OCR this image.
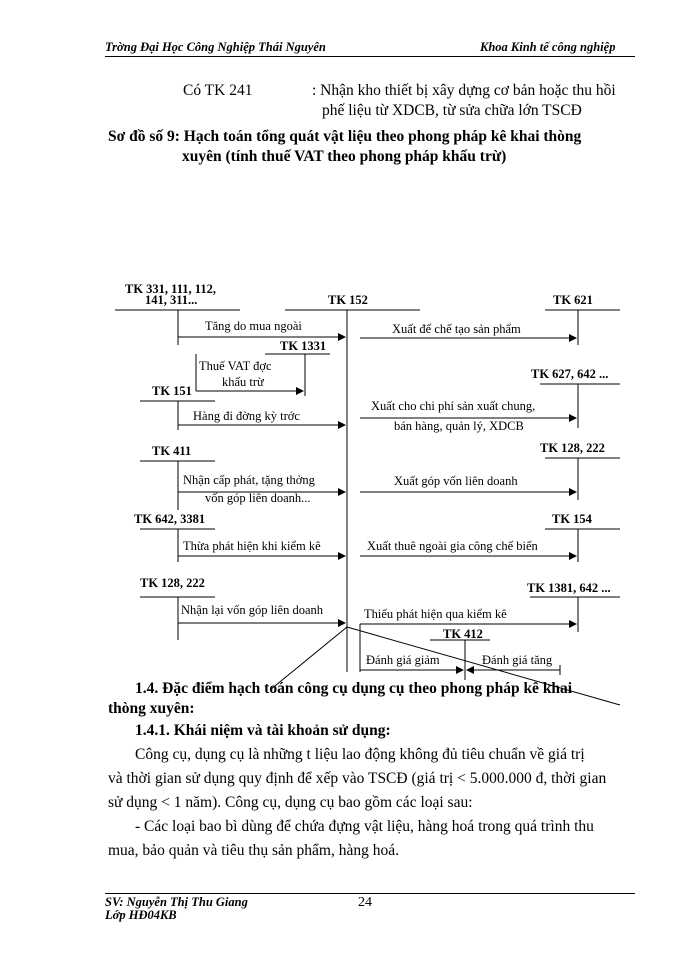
Trờng Đại Học Công Nghiệp Thái Nguyên	Khoa Kinh tế công nghiệp
Có TK 241	: Nhận kho thiết bị xây dựng cơ bản hoặc thu hồi
phế liệu từ XDCB, từ sửa chữa lớn TSCĐ
Sơ đồ số 9: Hạch toán tổng quát vật liệu theo phong pháp kê khai thòng
xuyên (tính thuế VAT theo phong pháp khấu trừ)
TK 331, 111, 112,
141, 311...	TK 152	TK 621
TK 1331
TK 151
TK 627, 642 ...
TK 411	TK 128, 222
TK 642, 3381	TK 154
TK 128, 222	TK 1381, 642 ...
TK 412
Tăng do mua ngoài
Thuế VAT đợc
khấu trừ
Hàng đi đờng kỳ trớc
Nhận cấp phát, tặng thởng
vốn góp liên doanh...
Thừa phát hiện khi kiểm kê
Nhận lại vốn góp liên doanh
Xuất để chế tạo sản phẩm
Xuất cho chi phí sản xuất chung,
bán hàng, quản lý, XDCB
Xuất góp vốn liên doanh
Xuất thuê ngoài gia công chế biến
Thiếu phát hiện qua kiểm kê
Đánh giá giảm	Đánh giá tăng
1.4. Đặc điểm hạch toán công cụ dụng cụ theo phong pháp kê khai
thòng xuyên:
1.4.1. Khái niệm và tài khoản sử dụng:
Công cụ, dụng cụ là những t liệu lao động không đủ tiêu chuẩn về giá trị
và thời gian sử dụng quy định để xếp vào TSCĐ (giá trị < 5.000.000 đ, thời gian
sử dụng < 1 năm). Công cụ, dụng cụ bao gồm các loại sau:
- Các loại bao bì dùng để chứa đựng vật liệu, hàng hoá trong quá trình thu
mua, bảo quản và tiêu thụ sản phẩm, hàng hoá.
SV: Nguyễn Thị Thu Giang
Lớp HĐ04KB
24
